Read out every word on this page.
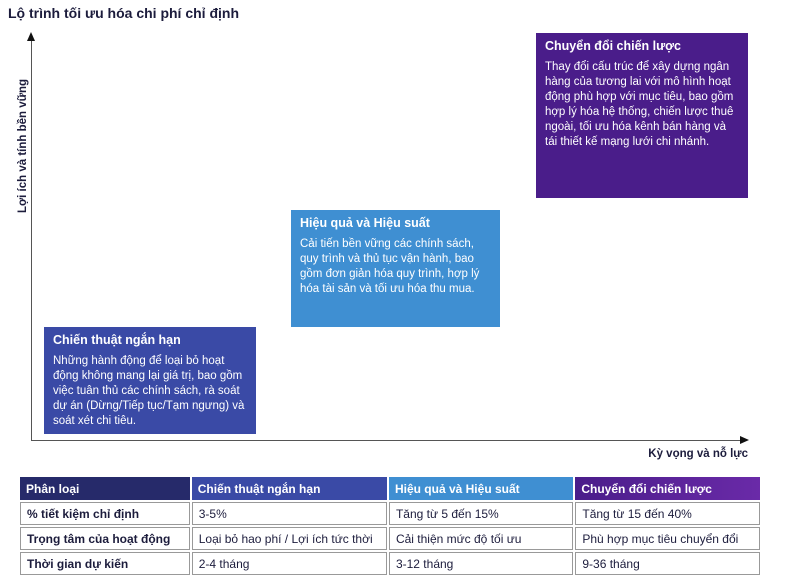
Lộ trình tối ưu hóa chi phí chỉ định
Lợi ích và tính bền vững
Kỳ vọng và nỗ lực
Chiến thuật ngắn hạn

Những hành động để loại bỏ hoạt động không mang lại giá trị, bao gồm việc tuân thủ các chính sách, rà soát dự án (Dừng/Tiếp tục/Tạm ngưng) và soát xét chi tiêu.

Hiệu quả và Hiệu suất

Cải tiến bền vững các chính sách, quy trình và thủ tục vận hành, bao gồm đơn giản hóa quy trình, hợp lý hóa tài sản và tối ưu hóa thu mua.

Chuyển đổi chiến lược

Thay đổi cấu trúc để xây dựng ngân hàng của tương lai với mô hình hoạt động phù hợp với mục tiêu, bao gồm hợp lý hóa hệ thống, chiến lược thuê ngoài, tối ưu hóa kênh bán hàng và tái thiết kế mạng lưới chi nhánh.

Phân loại	Chiến thuật ngắn hạn	Hiệu quả và Hiệu suất	Chuyển đổi chiến lược
% tiết kiệm chỉ định	3-5%	Tăng từ 5 đến 15%	Tăng từ 15 đến 40%
Trọng tâm của hoạt động	Loại bỏ hao phí / Lợi ích tức thời	Cải thiện mức độ tối ưu	Phù hợp mục tiêu chuyển đổi
Thời gian dự kiến	2-4 tháng	3-12 tháng	9-36 tháng
